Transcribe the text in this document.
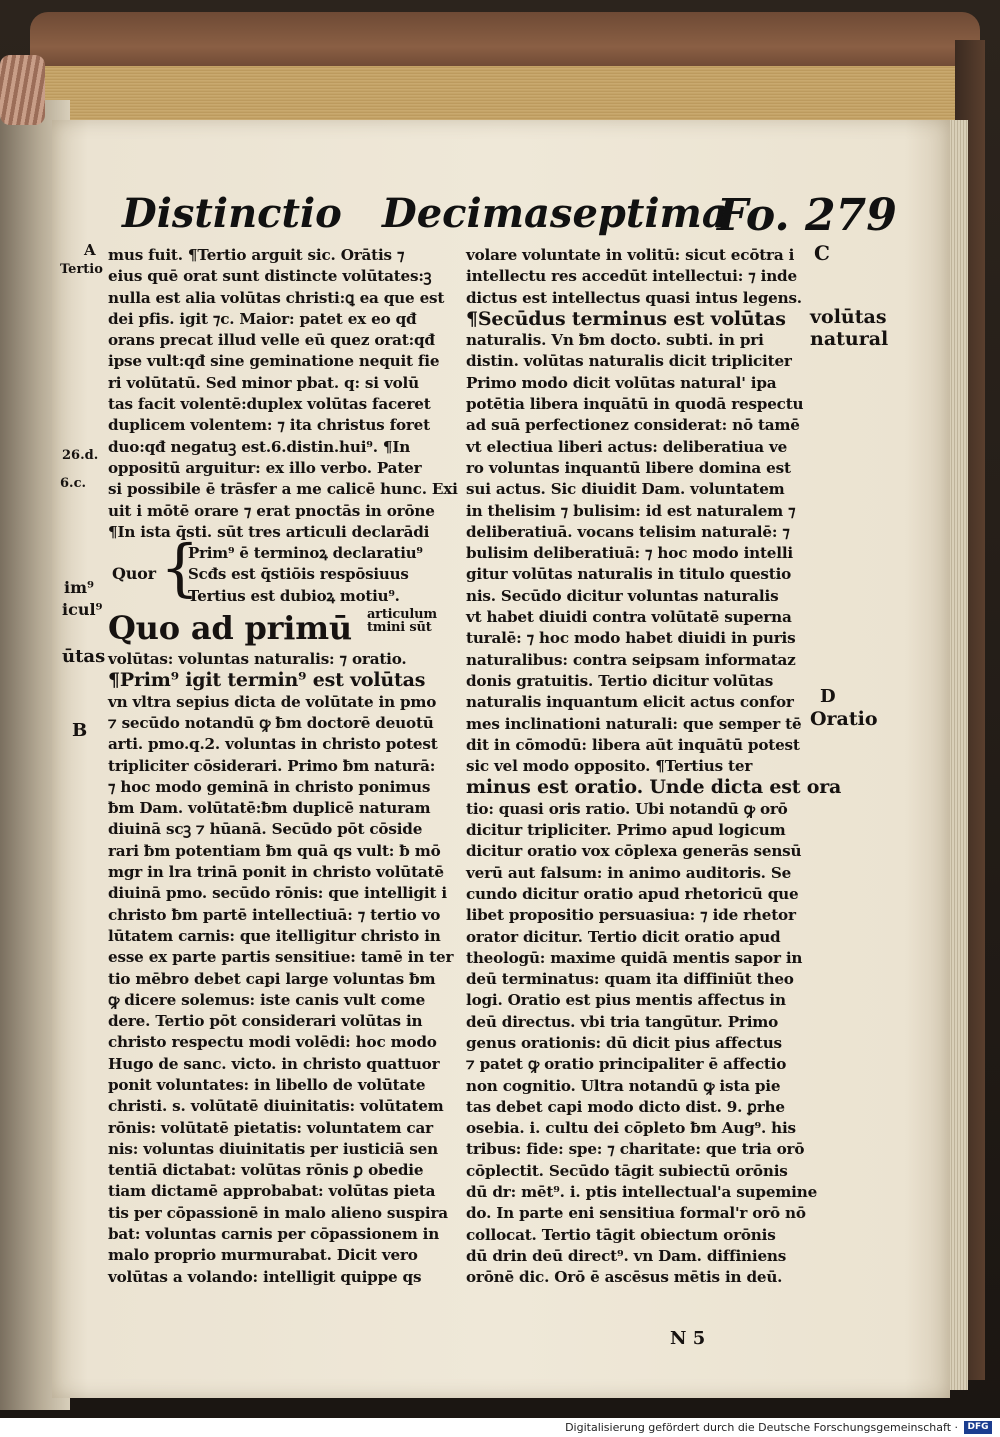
Distinctio Decimaseptima
Fo. 279
A
Tertio
26.d.
6.c.
im⁹
icul⁹
ūtas
B
mus fuit. ¶Tertio arguit sic. Orātis ⁊
eius quē orat sunt distincte volūtates:ꝫ
nulla est alia volūtas christi:ꝗ ea que est
dei pfis. igit ⁊c. Maior: patet ex eo qđ
orans precat illud velle eū quez orat:qđ
ipse vult:qđ sine geminatione nequit fie
ri volūtatū. Sed minor pbat. q: si volū
tas facit volentē:duplex volūtas faceret
duplicem volentem: ⁊ ita christus foret
duo:qđ negatuꝫ est.6.distin.hui⁹. ¶In
oppositū arguitur: ex illo verbo. Pater
si possibile ē trāsfer a me calicē hunc. Exi
uit i mōtē orare ⁊ erat pnoctās in orōne
¶In ista q̄sti. sūt tres articuli declarādi
Quor {
Prim⁹ ē terminoꝝ declaratiu⁹
Scđs est q̄stiōis respōsiuus
Tertius est dubioꝝ motiu⁹.
Quo ad primū articulum
tmini sūt
volūtas: voluntas naturalis: ⁊ oratio.
¶Prim⁹ igit termin⁹ est volūtas
vn vltra sepius dicta de volūtate in pmo
⁊ secūdo notandū ꝙ ƀm doctorē deuotū
arti. pmo.q.2. voluntas in christo potest
tripliciter cōsiderari. Primo ƀm naturā:
⁊ hoc modo geminā in christo ponimus
ƀm Dam. volūtatē:ƀm duplicē naturam
diuinā scꝫ ⁊ hūanā. Secūdo pōt cōside
rari ƀm potentiam ƀm quā qs vult: ƀ mō
mgr in lra trinā ponit in christo volūtatē
diuinā pmo. secūdo rōnis: que intelligit i
christo ƀm partē intellectiuā: ⁊ tertio vo
lūtatem carnis: que itelligitur christo in
esse ex parte partis sensitiue: tamē in ter
tio mēbro debet capi large voluntas ƀm
ꝙ dicere solemus: iste canis vult come
dere. Tertio pōt considerari volūtas in
christo respectu modi volēdi: hoc modo
Hugo de sanc. victo. in christo quattuor
ponit voluntates: in libello de volūtate
christi. s. volūtatē diuinitatis: volūtatem
rōnis: volūtatē pietatis: voluntatem car
nis: voluntas diuinitatis per iusticiā sen
tentiā dictabat: volūtas rōnis ꝑ obedie
tiam dictamē approbabat: volūtas pieta
tis per cōpassionē in malo alieno suspira
bat: voluntas carnis per cōpassionem in
malo proprio murmurabat. Dicit vero
volūtas a volando: intelligit quippe qs
volare voluntate in volitū: sicut ecōtra i
intellectu res accedūt intellectui: ⁊ inde
dictus est intellectus quasi intus legens.
¶Secūdus terminus est volūtas
naturalis. Vn ƀm docto. subti. in pri
distin. volūtas naturalis dicit tripliciter
Primo modo dicit volūtas natural' ipa
potētia libera inquātū in quodā respectu
ad suā perfectionez considerat: nō tamē
vt electiua liberi actus: deliberatiua ve
ro voluntas inquantū libere domina est
sui actus. Sic diuidit Dam. voluntatem
in thelisim ⁊ bulisim: id est naturalem ⁊
deliberatiuā. vocans telisim naturalē: ⁊
bulisim deliberatiuā: ⁊ hoc modo intelli
gitur volūtas naturalis in titulo questio
nis. Secūdo dicitur voluntas naturalis
vt habet diuidi contra volūtatē superna
turalē: ⁊ hoc modo habet diuidi in puris
naturalibus: contra seipsam informataz
donis gratuitis. Tertio dicitur volūtas
naturalis inquantum elicit actus confor
mes inclinationi naturali: que semper tē
dit in cōmodū: libera aūt inquātū potest
sic vel modo opposito. ¶Tertius ter
minus est oratio. Unde dicta est ora
tio: quasi oris ratio. Ubi notandū ꝙ orō
dicitur tripliciter. Primo apud logicum
dicitur oratio vox cōplexa generās sensū
verū aut falsum: in animo auditoris. Se
cundo dicitur oratio apud rhetoricū que
libet propositio persuasiua: ⁊ ide rhetor
orator dicitur. Tertio dicit oratio apud
theologū: maxime quidā mentis sapor in
deū terminatus: quam ita diffiniūt theo
logi. Oratio est pius mentis affectus in
deū directus. vbi tria tangūtur. Primo
genus orationis: dū dicit pius affectus
⁊ patet ꝙ oratio principaliter ē affectio
non cognitio. Ultra notandū ꝙ ista pie
tas debet capi modo dicto dist. 9. ꝑrhe
osebia. i. cultu dei cōpleto ƀm Aug⁹. his
tribus: fide: spe: ⁊ charitate: que tria orō
cōplectit. Secūdo tāgit subiectū orōnis
dū dr: mēt⁹. i. ptis intellectual'a supemine
do. In parte eni sensitiua formal'r orō nō
collocat. Tertio tāgit obiectum orōnis
dū drin deū direct⁹. vn Dam. diffiniens
orōnē dic. Orō ē ascēsus mētis in deū.
C
volūtas
natural
D
Oratio
N 5
Digitalisierung gefördert durch die Deutsche Forschungsgemeinschaft ·	DFG
